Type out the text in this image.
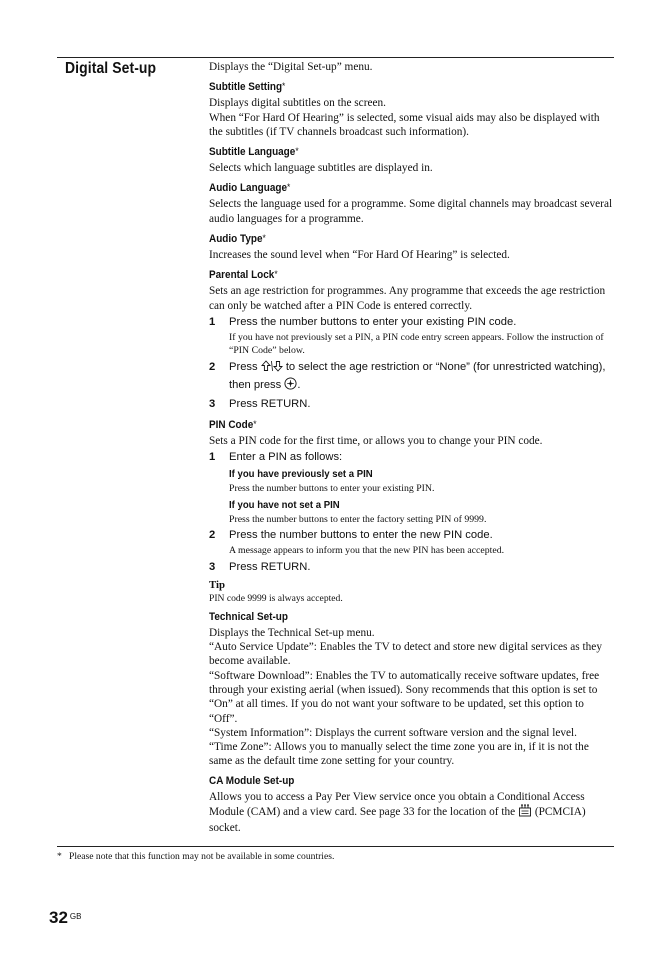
Digital Set-up	Displays the “Digital Set-up” menu.

Subtitle Setting*

Displays digital subtitles on the screen.

When “For Hard Of Hearing” is selected, some visual aids may also be displayed with the subtitles (if TV channels broadcast such information).

Subtitle Language*

Selects which language subtitles are displayed in.

Audio Language*

Selects the language used for a programme. Some digital channels may broadcast several audio languages for a programme.

Audio Type*

Increases the sound level when “For Hard Of Hearing” is selected.

Parental Lock*

Sets an age restriction for programmes. Any programme that exceeds the age restriction can only be watched after a PIN Code is entered correctly.

1	Press the number buttons to enter your existing PIN code.

If you have not previously set a PIN, a PIN code entry screen appears. Follow the instruction of “PIN Code” below.

2	Press	to select the age restriction or “None” (for unrestricted watching), then press .
3	Press RETURN.
PIN Code*

Sets a PIN code for the first time, or allows you to change your PIN code.

1	Enter a PIN as follows:
If you have previously set a PIN

Press the number buttons to enter your existing PIN.

If you have not set a PIN

Press the number buttons to enter the factory setting PIN of 9999.

2	Press the number buttons to enter the new PIN code.

A message appears to inform you that the new PIN has been accepted.

3	Press RETURN.
Tip
PIN code 9999 is always accepted.
Technical Set-up

Displays the Technical Set-up menu.

“Auto Service Update”: Enables the TV to detect and store new digital services as they become available.

“Software Download”: Enables the TV to automatically receive software updates, free through your existing aerial (when issued). Sony recommends that this option is set to “On” at all times. If you do not want your software to be updated, set this option to “Off”.

“System Information”: Displays the current software version and the signal level.

“Time Zone”: Allows you to manually select the time zone you are in, if it is not the same as the default time zone setting for your country.

CA Module Set-up

Allows you to access a Pay Per View service once you obtain a Conditional Access Module (CAM) and a view card. See page 33 for the location of the (PCMCIA) socket.

* Please note that this function may not be available in some countries.
32 $^{GB}$
